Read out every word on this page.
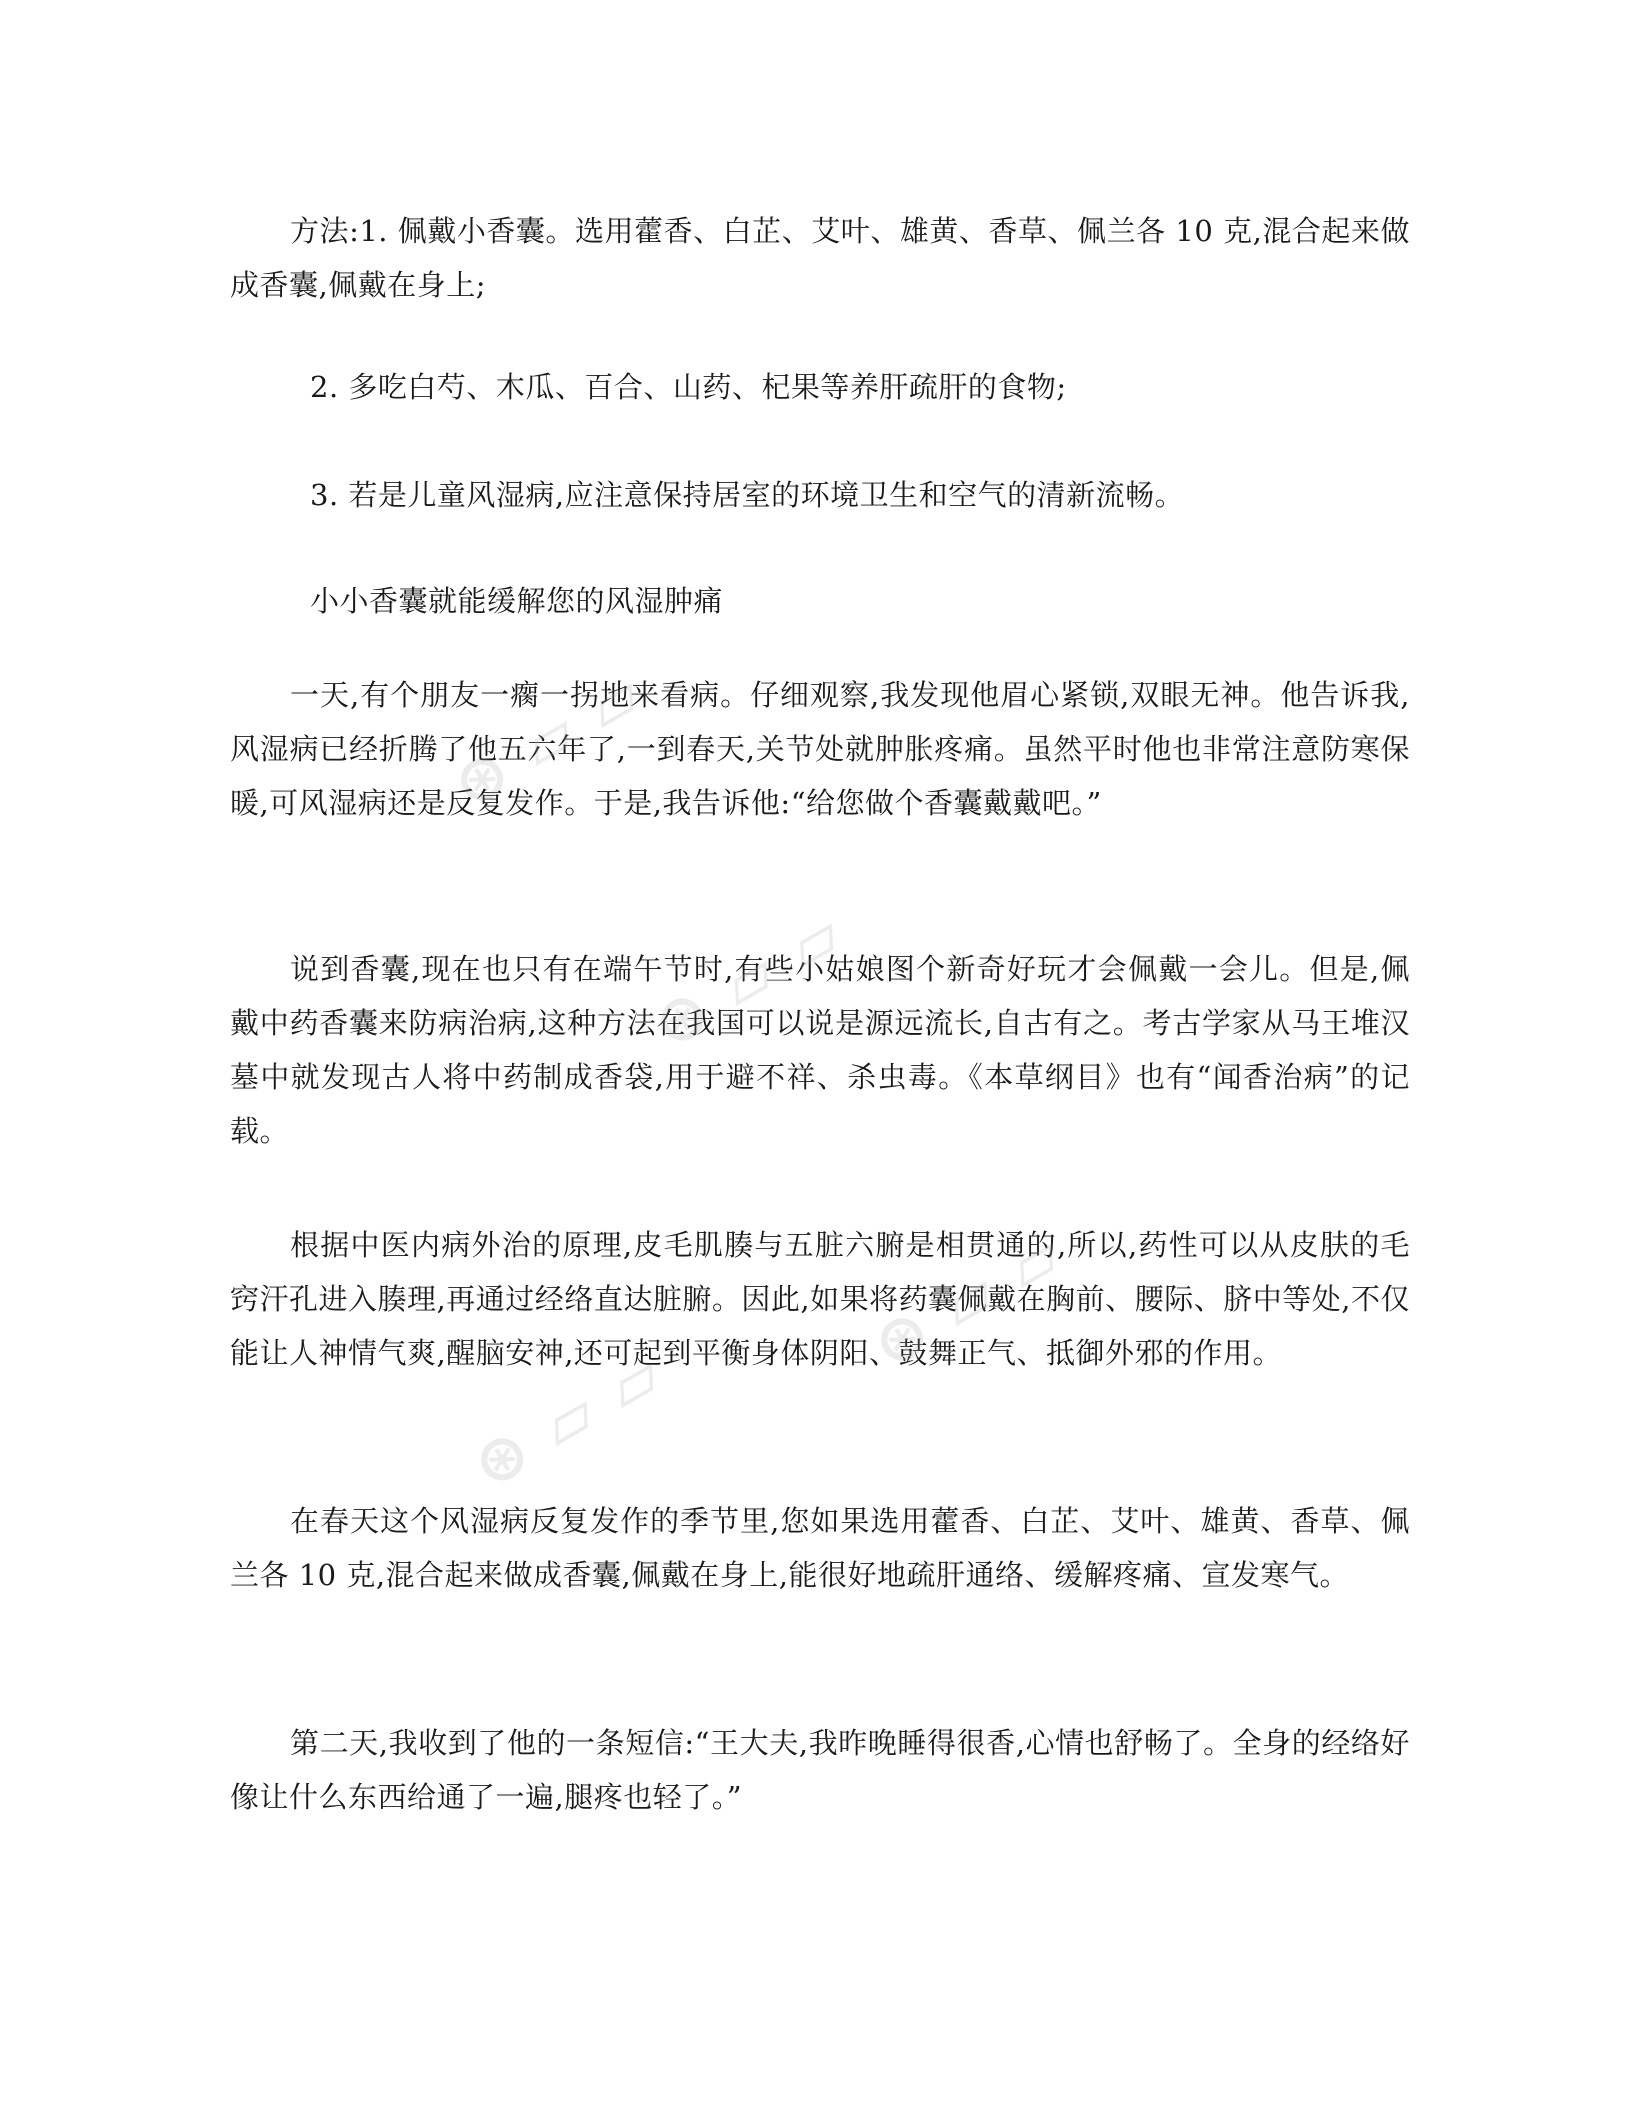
方法:1. 佩戴小香囊。选用藿香、白芷、艾叶、雄黄、香草、佩兰各 10 克,混合起来做成香囊,佩戴在身上;

2. 多吃白芍、木瓜、百合、山药、杞果等养肝疏肝的食物;

3. 若是儿童风湿病,应注意保持居室的环境卫生和空气的清新流畅。

小小香囊就能缓解您的风湿肿痛

一天,有个朋友一瘸一拐地来看病。仔细观察,我发现他眉心紧锁,双眼无神。他告诉我,风湿病已经折腾了他五六年了,一到春天,关节处就肿胀疼痛。虽然平时他也非常注意防寒保暖,可风湿病还是反复发作。于是,我告诉他:“给您做个香囊戴戴吧。”

说到香囊,现在也只有在端午节时,有些小姑娘图个新奇好玩才会佩戴一会儿。但是,佩戴中药香囊来防病治病,这种方法在我国可以说是源远流长,自古有之。考古学家从马王堆汉墓中就发现古人将中药制成香袋,用于避不祥、杀虫毒。《本草纲目》也有“闻香治病”的记载。

根据中医内病外治的原理,皮毛肌腠与五脏六腑是相贯通的,所以,药性可以从皮肤的毛窍汗孔进入腠理,再通过经络直达脏腑。因此,如果将药囊佩戴在胸前、腰际、脐中等处,不仅能让人神情气爽,醒脑安神,还可起到平衡身体阴阳、鼓舞正气、抵御外邪的作用。

在春天这个风湿病反复发作的季节里,您如果选用藿香、白芷、艾叶、雄黄、香草、佩兰各 10 克,混合起来做成香囊,佩戴在身上,能很好地疏肝通络、缓解疼痛、宣发寒气。

第二天,我收到了他的一条短信:“王大夫,我昨晚睡得很香,心情也舒畅了。全身的经络好像让什么东西给通了一遍,腿疼也轻了。”

⊛ ▱ ▱
⊛ ▱ ▱
⊛ ▱ ▱
⊛ ▱ ▱
